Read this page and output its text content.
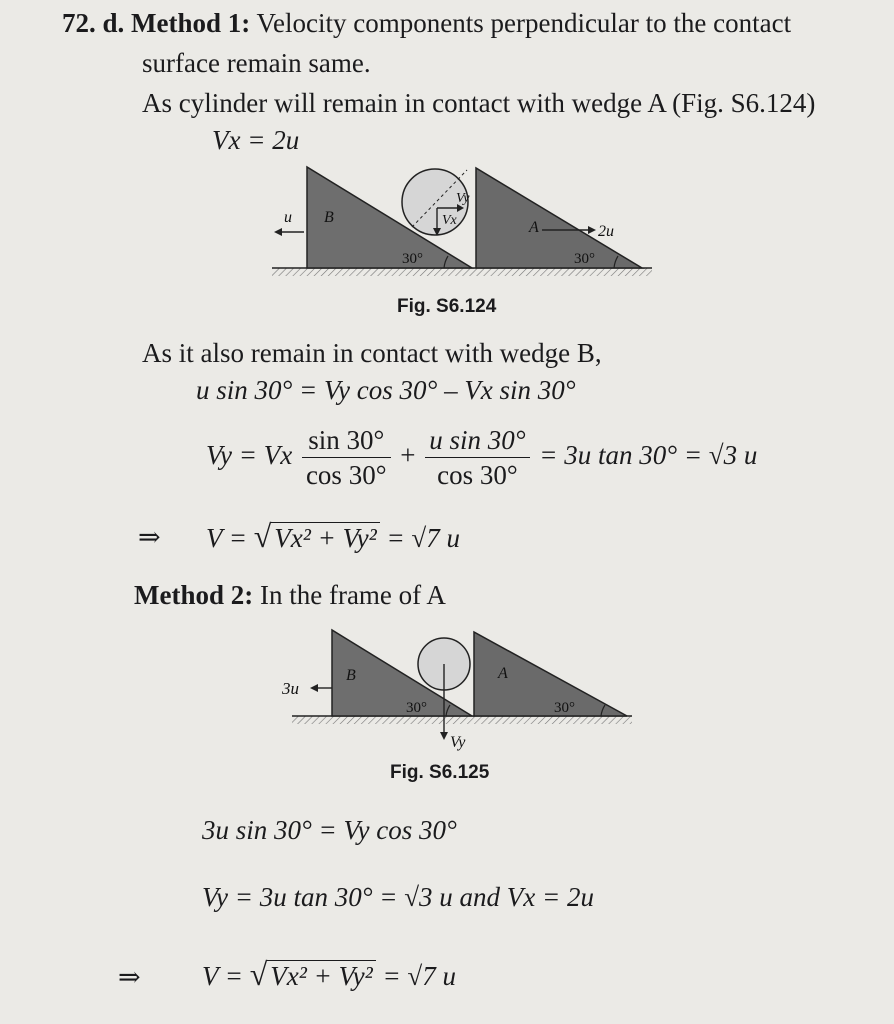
72. d. Method 1: Velocity components perpendicular to the contact
surface remain same.
As cylinder will remain in contact with wedge A (Fig. S6.124)
Vx = 2u
Vx
Vy
u B
A	2u
30°	30°
Fig. S6.124
As it also remain in contact with wedge B,
u sin 30° = Vy cos 30° – Vx sin 30°
Vy = Vx $\frac{\sin 30^\circ}{\cos 30^\circ} + \frac{\text{u sin 30°}}{\cos 30^\circ} = 3u$ tan 30° = √3 u
⇒ V = √ Vx² + Vy² = √7 u
Method 2: In the frame of A
Vy
3u
B	A
30°	30°
Fig. S6.125
3u sin 30° = Vy cos 30°
Vy = 3u tan 30° = √3 u and Vx = 2u
⇒ V = √ Vx² + Vy² = √7 u
